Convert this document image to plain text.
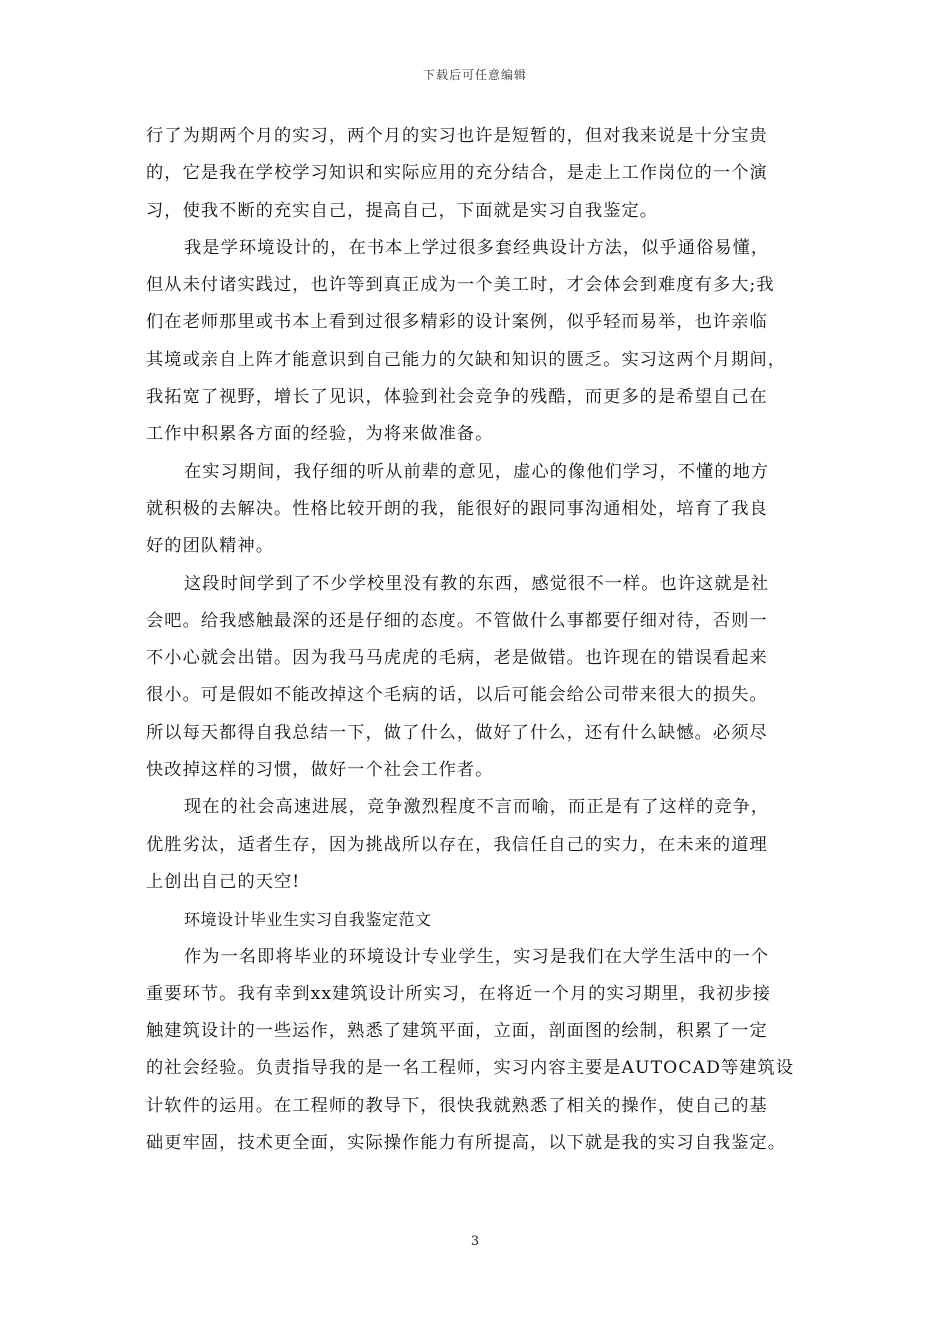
下载后可任意编辑
行了为期两个月的实习，两个月的实习也许是短暂的，但对我来说是十分宝贵
的，它是我在学校学习知识和实际应用的充分结合，是走上工作岗位的一个演
习，使我不断的充实自己，提高自己，下面就是实习自我鉴定。
我是学环境设计的，在书本上学过很多套经典设计方法，似乎通俗易懂，
但从未付诸实践过，也许等到真正成为一个美工时，才会体会到难度有多大;我
们在老师那里或书本上看到过很多精彩的设计案例，似乎轻而易举，也许亲临
其境或亲自上阵才能意识到自己能力的欠缺和知识的匮乏。实习这两个月期间，
我拓宽了视野，增长了见识，体验到社会竞争的残酷，而更多的是希望自己在
工作中积累各方面的经验，为将来做准备。
在实习期间，我仔细的听从前辈的意见，虚心的像他们学习，不懂的地方
就积极的去解决。性格比较开朗的我，能很好的跟同事沟通相处，培育了我良
好的团队精神。
这段时间学到了不少学校里没有教的东西，感觉很不一样。也许这就是社
会吧。给我感触最深的还是仔细的态度。不管做什么事都要仔细对待，否则一
不小心就会出错。因为我马马虎虎的毛病，老是做错。也许现在的错误看起来
很小。可是假如不能改掉这个毛病的话，以后可能会给公司带来很大的损失。
所以每天都得自我总结一下，做了什么，做好了什么，还有什么缺憾。必须尽
快改掉这样的习惯，做好一个社会工作者。
现在的社会高速进展，竞争激烈程度不言而喻，而正是有了这样的竞争，
优胜劣汰，适者生存，因为挑战所以存在，我信任自己的实力，在未来的道理
上创出自己的天空!
环境设计毕业生实习自我鉴定范文
作为一名即将毕业的环境设计专业学生，实习是我们在大学生活中的一个
重要环节。我有幸到xx建筑设计所实习，在将近一个月的实习期里，我初步接
触建筑设计的一些运作，熟悉了建筑平面，立面，剖面图的绘制，积累了一定
的社会经验。负责指导我的是一名工程师，实习内容主要是AUTOCAD等建筑设
计软件的运用。在工程师的教导下，很快我就熟悉了相关的操作，使自己的基
础更牢固，技术更全面，实际操作能力有所提高，以下就是我的实习自我鉴定。
3
